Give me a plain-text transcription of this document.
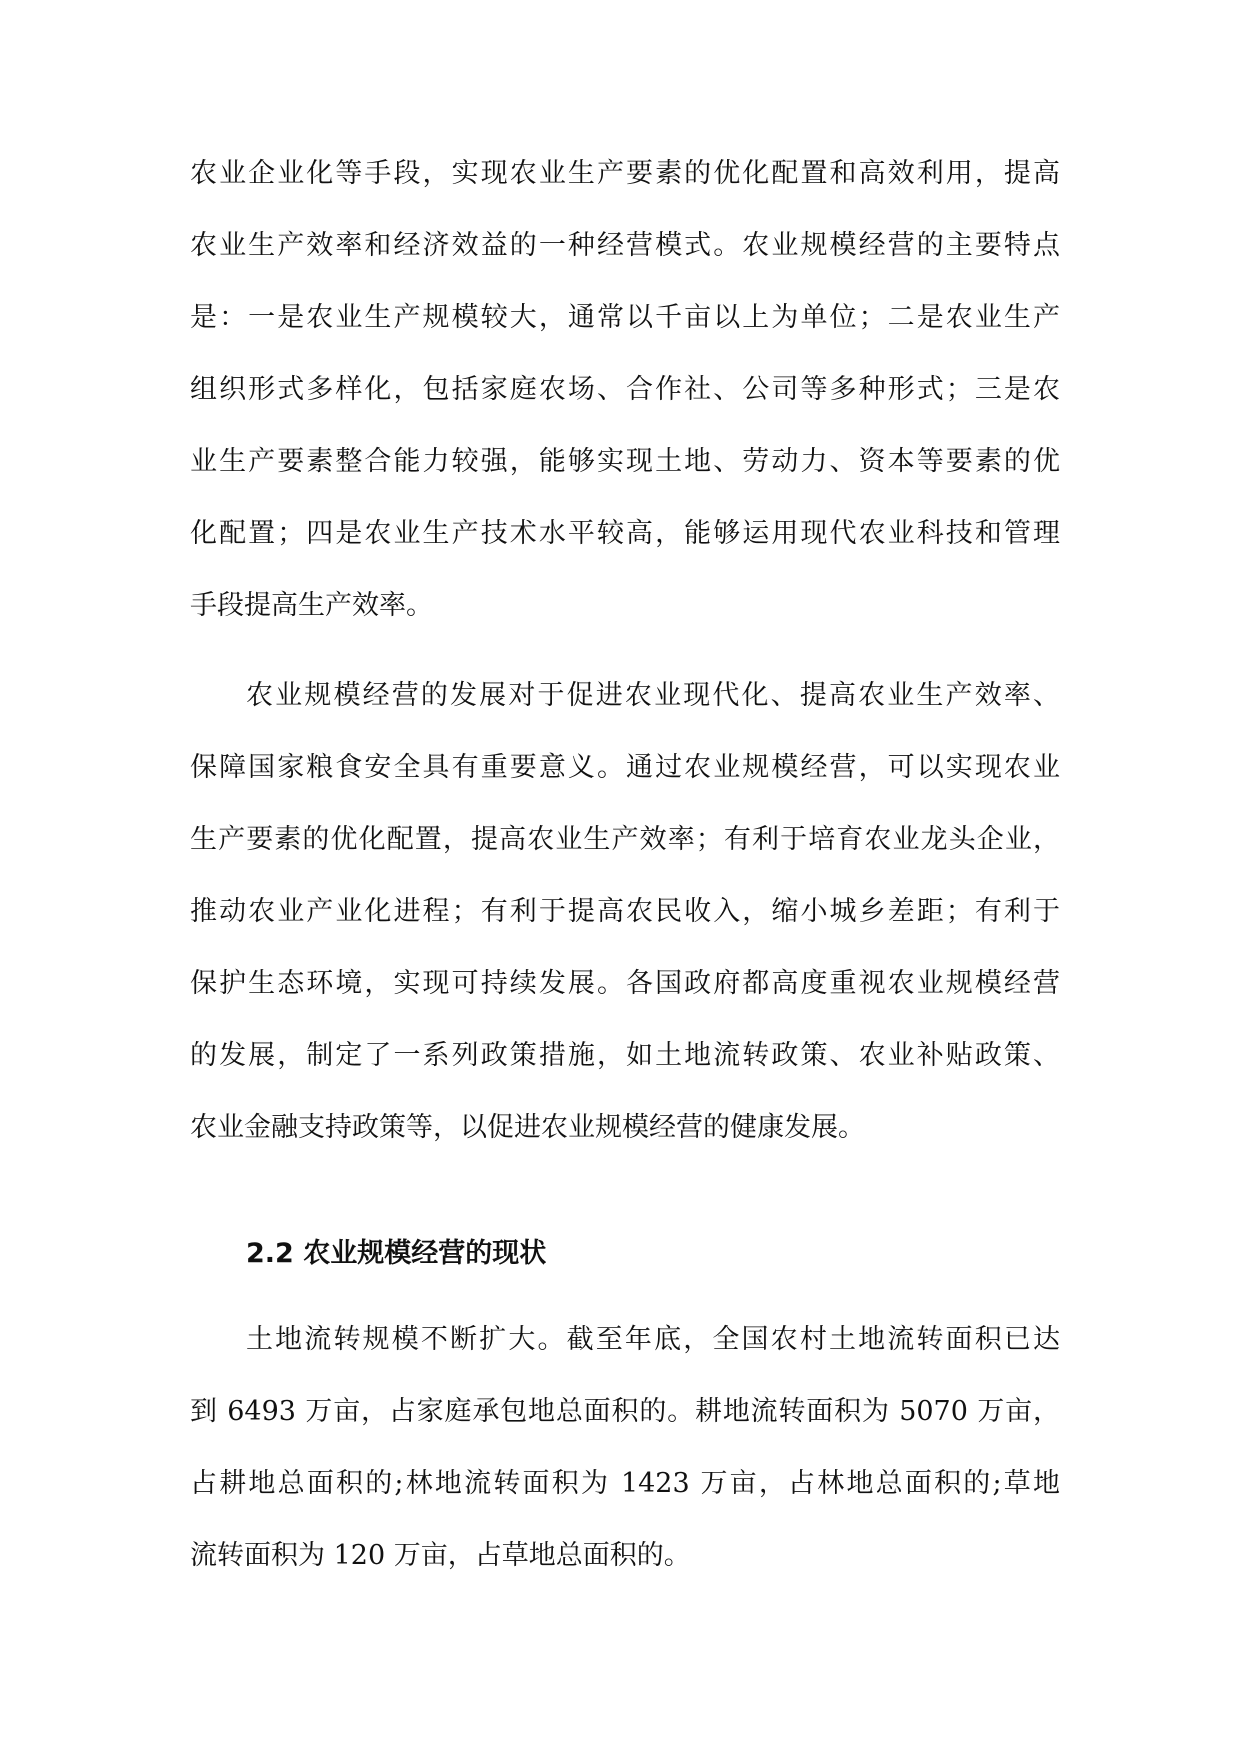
农业企业化等手段，实现农业生产要素的优化配置和高效利用，提高
农业生产效率和经济效益的一种经营模式。农业规模经营的主要特点
是：一是农业生产规模较大，通常以千亩以上为单位；二是农业生产
组织形式多样化，包括家庭农场、合作社、公司等多种形式；三是农
业生产要素整合能力较强，能够实现土地、劳动力、资本等要素的优
化配置；四是农业生产技术水平较高，能够运用现代农业科技和管理
手段提高生产效率。
农业规模经营的发展对于促进农业现代化、提高农业生产效率、
保障国家粮食安全具有重要意义。通过农业规模经营，可以实现农业
生产要素的优化配置，提高农业生产效率；有利于培育农业龙头企业，
推动农业产业化进程；有利于提高农民收入，缩小城乡差距；有利于
保护生态环境，实现可持续发展。各国政府都高度重视农业规模经营
的发展，制定了一系列政策措施，如土地流转政策、农业补贴政策、
农业金融支持政策等，以促进农业规模经营的健康发展。
2.2 农业规模经营的现状
土地流转规模不断扩大。截至年底，全国农村土地流转面积已达
到 6493 万亩，占家庭承包地总面积的。耕地流转面积为 5070 万亩，
占耕地总面积的;林地流转面积为 1423 万亩，占林地总面积的;草地
流转面积为 120 万亩，占草地总面积的。
